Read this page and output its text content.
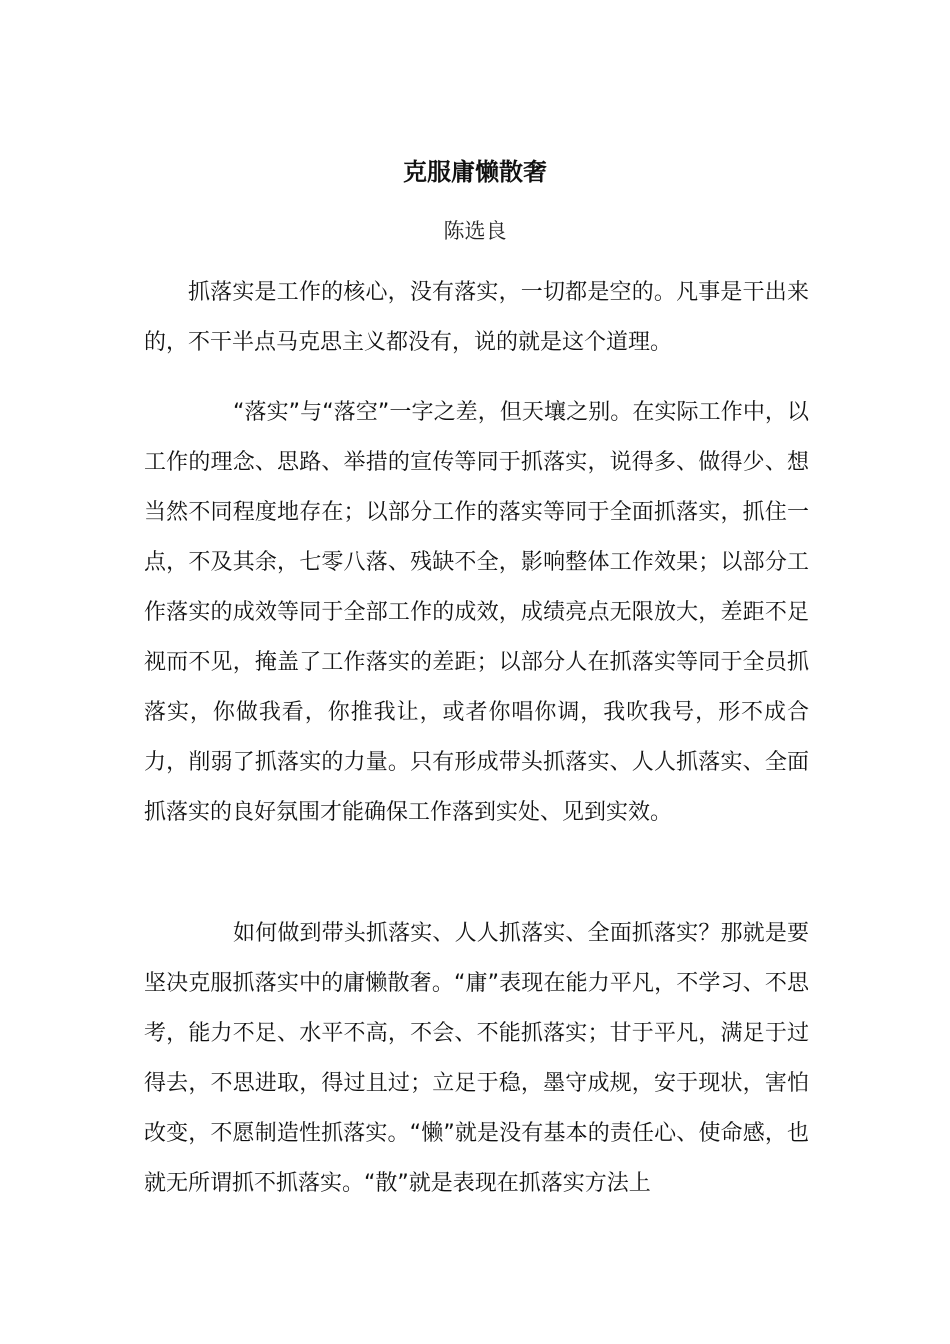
克服庸懒散奢
陈选良

抓落实是工作的核心，没有落实，一切都是空的。凡事是干出来的，不干半点马克思主义都没有，说的就是这个道理。

“落实”与“落空”一字之差，但天壤之别。在实际工作中，以工作的理念、思路、举措的宣传等同于抓落实，说得多、做得少、想当然不同程度地存在；以部分工作的落实等同于全面抓落实，抓住一点，不及其余，七零八落、残缺不全，影响整体工作效果；以部分工作落实的成效等同于全部工作的成效，成绩亮点无限放大，差距不足视而不见，掩盖了工作落实的差距；以部分人在抓落实等同于全员抓落实，你做我看，你推我让，或者你唱你调，我吹我号，形不成合力，削弱了抓落实的力量。只有形成带头抓落实、人人抓落实、全面抓落实的良好氛围才能确保工作落到实处、见到实效。

如何做到带头抓落实、人人抓落实、全面抓落实？那就是要坚决克服抓落实中的庸懒散奢。“庸”表现在能力平凡，不学习、不思考，能力不足、水平不高，不会、不能抓落实；甘于平凡，满足于过得去，不思进取，得过且过；立足于稳，墨守成规，安于现状，害怕改变，不愿制造性抓落实。“懒”就是没有基本的责任心、使命感，也就无所谓抓不抓落实。“散”就是表现在抓落实方法上
